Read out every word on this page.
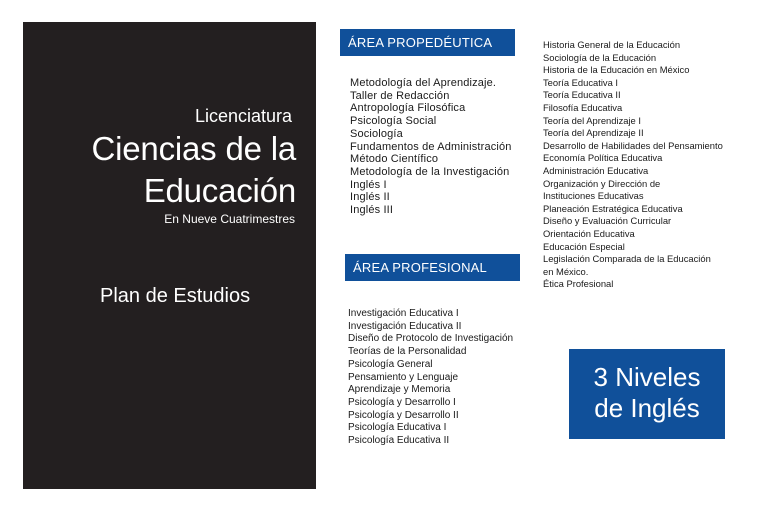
Licenciatura
Ciencias de la
Educación
En Nueve Cuatrimestres
Plan de Estudios
ÁREA PROPEDÉUTICA
Metodología del Aprendizaje.
Taller de Redacción
Antropología Filosófica
Psicología Social
Sociología
Fundamentos de Administración
Método Científico
Metodología de la Investigación
Inglés I
Inglés II
Inglés III
ÁREA PROFESIONAL
Investigación Educativa I
Investigación Educativa II
Diseño de Protocolo de Investigación
Teorías de la Personalidad
Psicología General
Pensamiento y Lenguaje
Aprendizaje y Memoria
Psicología y Desarrollo I
Psicología y Desarrollo II
Psicología Educativa I
Psicología Educativa II
Historia General de la Educación
Sociología de la Educación
Historia de la Educación en México
Teoría Educativa I
Teoría Educativa II
Filosofía Educativa
Teoría del Aprendizaje I
Teoría del Aprendizaje II
Desarrollo de Habilidades del Pensamiento
Economía Política Educativa
Administración Educativa
Organización y Dirección de
Instituciones Educativas
Planeación Estratégica Educativa
Diseño y Evaluación Curricular
Orientación Educativa
Educación Especial
Legislación Comparada de la Educación
en México.
Ética Profesional
3 Niveles
de Inglés
